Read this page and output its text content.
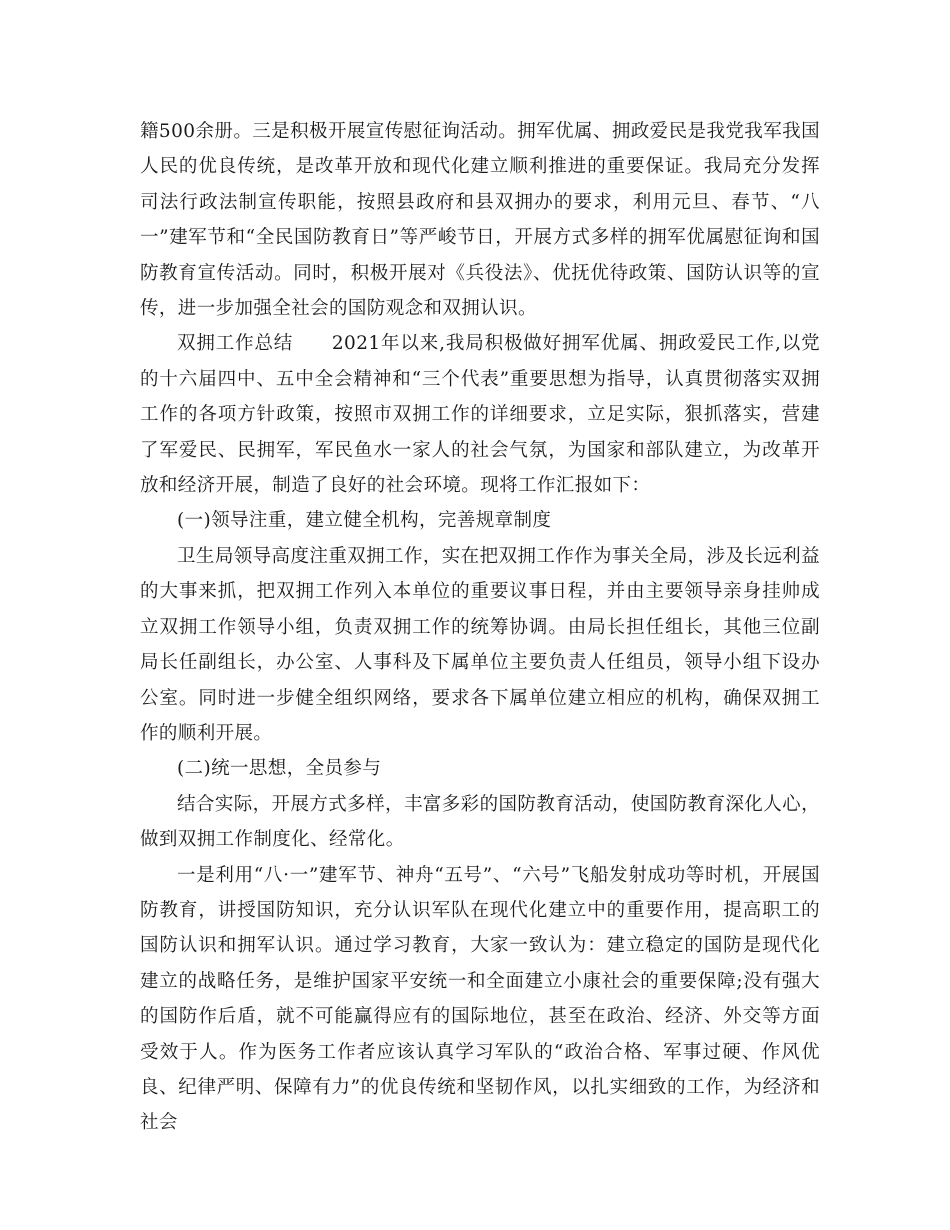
籍500余册。三是积极开展宣传慰征询活动。拥军优属、拥政爱民是我党我军我国人民的优良传统，是改革开放和现代化建立顺利推进的重要保证。我局充分发挥司法行政法制宣传职能，按照县政府和县双拥办的要求，利用元旦、春节、“八一”建军节和“全民国防教育日”等严峻节日，开展方式多样的拥军优属慰征询和国防教育宣传活动。同时，积极开展对《兵役法》、优抚优待政策、国防认识等的宣传，进一步加强全社会的国防观念和双拥认识。

双拥工作总结　　2021年以来,我局积极做好拥军优属、拥政爱民工作,以党的十六届四中、五中全会精神和“三个代表”重要思想为指导，认真贯彻落实双拥工作的各项方针政策，按照市双拥工作的详细要求，立足实际，狠抓落实，营建了军爱民、民拥军，军民鱼水一家人的社会气氛，为国家和部队建立，为改革开放和经济开展，制造了良好的社会环境。现将工作汇报如下：

(一)领导注重，建立健全机构，完善规章制度

卫生局领导高度注重双拥工作，实在把双拥工作作为事关全局，涉及长远利益的大事来抓，把双拥工作列入本单位的重要议事日程，并由主要领导亲身挂帅成立双拥工作领导小组，负责双拥工作的统筹协调。由局长担任组长，其他三位副局长任副组长，办公室、人事科及下属单位主要负责人任组员，领导小组下设办公室。同时进一步健全组织网络，要求各下属单位建立相应的机构，确保双拥工作的顺利开展。

(二)统一思想，全员参与

结合实际，开展方式多样，丰富多彩的国防教育活动，使国防教育深化人心，做到双拥工作制度化、经常化。

一是利用“八·一”建军节、神舟“五号”、“六号”飞船发射成功等时机，开展国防教育，讲授国防知识，充分认识军队在现代化建立中的重要作用，提高职工的国防认识和拥军认识。通过学习教育，大家一致认为：建立稳定的国防是现代化建立的战略任务，是维护国家平安统一和全面建立小康社会的重要保障;没有强大的国防作后盾，就不可能赢得应有的国际地位，甚至在政治、经济、外交等方面受效于人。作为医务工作者应该认真学习军队的“政治合格、军事过硬、作风优良、纪律严明、保障有力”的优良传统和坚韧作风，以扎实细致的工作，为经济和社会
